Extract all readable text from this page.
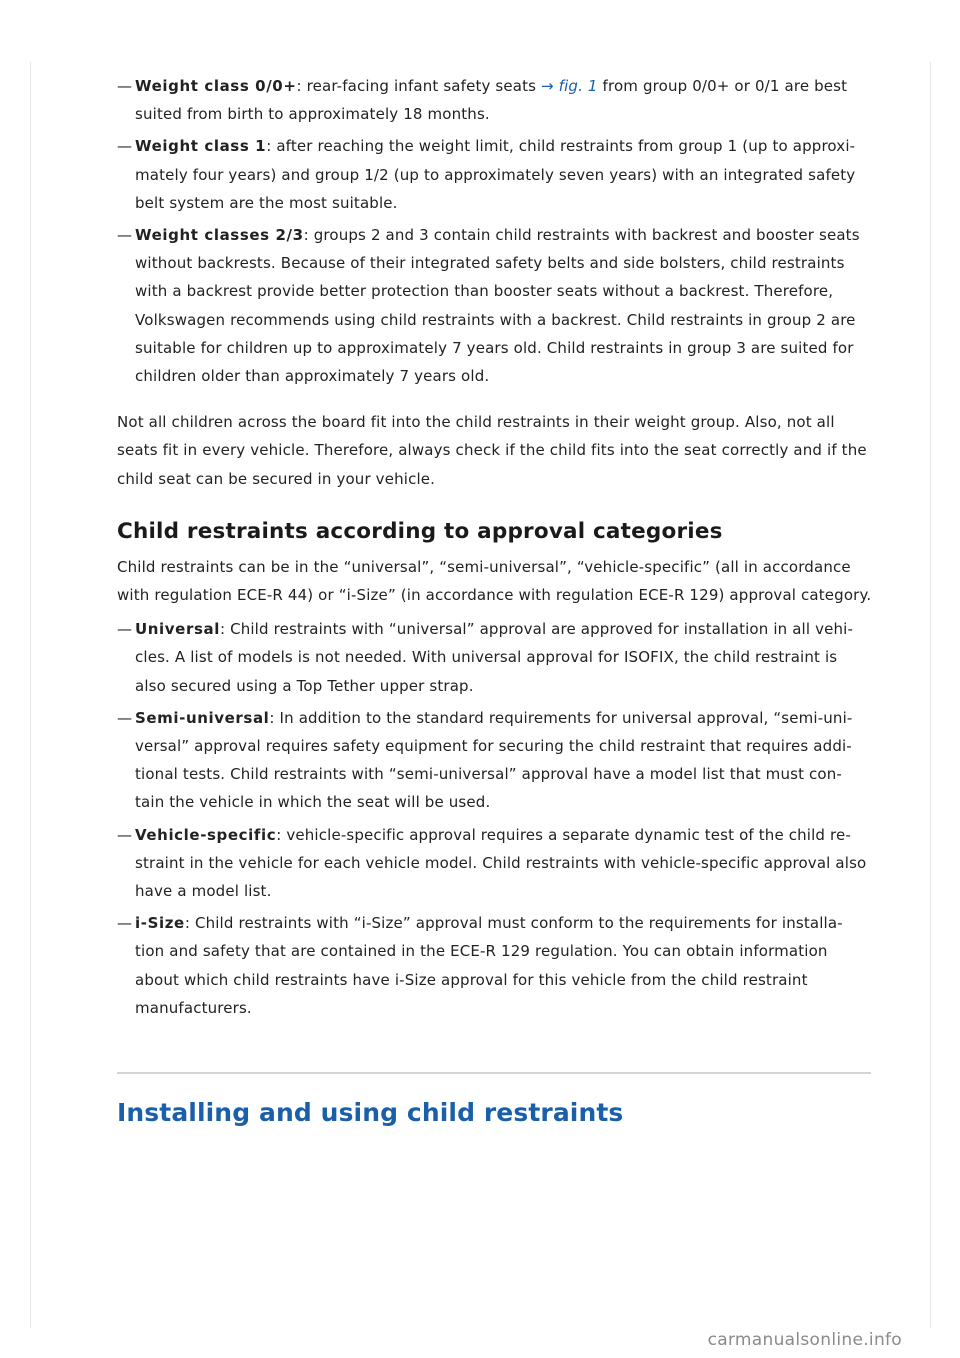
— Weight class 0/0+: rear-facing infant safety seats → fig. 1 from group 0/0+ or 0/1 are best suited from birth to approximately 18 months.
— Weight class 1: after reaching the weight limit, child restraints from group 1 (up to approxi- mately four years) and group 1/2 (up to approximately seven years) with an integrated safety belt system are the most suitable.
— Weight classes 2/3: groups 2 and 3 contain child restraints with backrest and booster seats without backrests. Because of their integrated safety belts and side bolsters, child restraints with a backrest provide better protection than booster seats without a backrest. Therefore, Volkswagen recommends using child restraints with a backrest. Child restraints in group 2 are suitable for children up to approximately 7 years old. Child restraints in group 3 are suited for children older than approximately 7 years old.

Not all children across the board fit into the child restraints in their weight group. Also, not all seats fit in every vehicle. Therefore, always check if the child fits into the seat correctly and if the child seat can be secured in your vehicle.

Child restraints according to approval categories

Child restraints can be in the “universal”, “semi-universal”, “vehicle-specific” (all in accordance with regulation ECE-R 44) or “i-Size” (in accordance with regulation ECE-R 129) approval category.

— Universal: Child restraints with “universal” approval are approved for installation in all vehi- cles. A list of models is not needed. With universal approval for ISOFIX, the child restraint is also secured using a Top Tether upper strap.
— Semi-universal: In addition to the standard requirements for universal approval, “semi-uni- versal” approval requires safety equipment for securing the child restraint that requires addi- tional tests. Child restraints with “semi-universal” approval have a model list that must con- tain the vehicle in which the seat will be used.
— Vehicle-specific: vehicle-specific approval requires a separate dynamic test of the child re- straint in the vehicle for each vehicle model. Child restraints with vehicle-specific approval also have a model list.
— i-Size: Child restraints with “i-Size” approval must conform to the requirements for installa- tion and safety that are contained in the ECE-R 129 regulation. You can obtain information about which child restraints have i-Size approval for this vehicle from the child restraint manufacturers.
Installing and using child restraints
carmanualsonline.info
